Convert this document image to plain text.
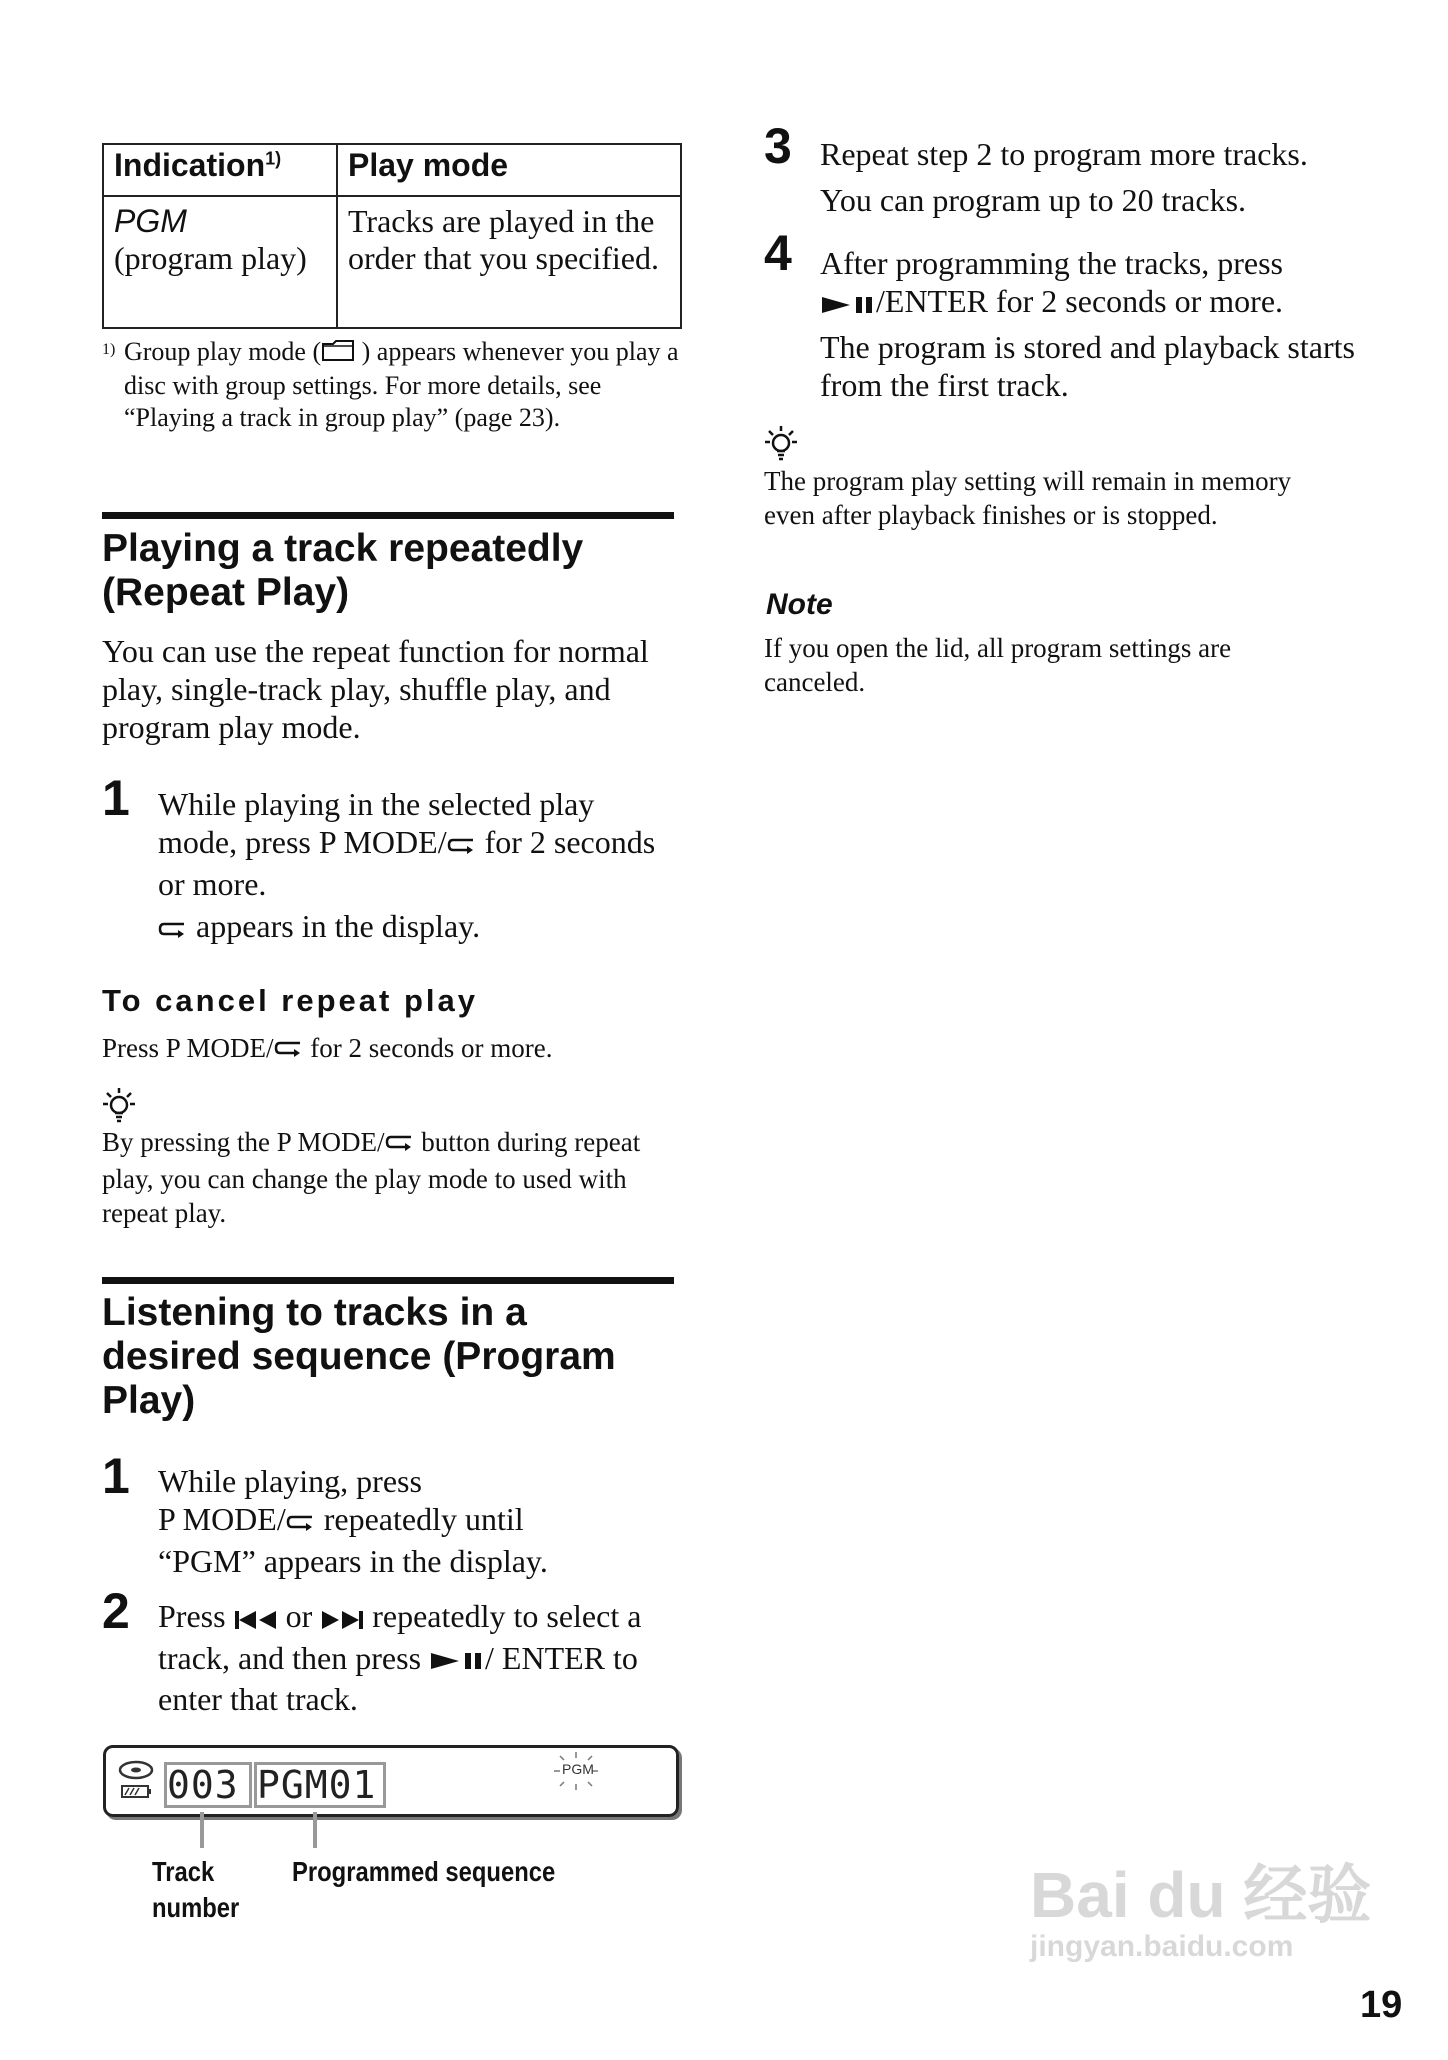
Indication$^{1)}$	Play mode

PGM
(program play)	Tracks are played in the order that you specified.
1) Group play mode ( ) appears whenever you play a disc with group settings. For more details, see “Playing a track in group play” (page 23).
Playing a track repeatedly
(Repeat Play)

You can use the repeat function for normal play, single-track play, shuffle play, and program play mode.

1 While playing in the selected play mode, press P MODE/ for 2 seconds or more.

appears in the display.

To cancel repeat play

Press P MODE/ for 2 seconds or more.

By pressing the P MODE/ button during repeat play, you can change the play mode to used with repeat play.

Listening to tracks in a
desired sequence (Program
Play)
1 While playing, press
P MODE/ repeatedly until
“PGM” appears in the display.

2 Press  or  repeatedly to select a track, and then press / ENTER to enter that track.

003 PGM01	PGM
Track number
Programmed sequence
3 Repeat step 2 to program more tracks.

You can program up to 20 tracks.

4 After programming the tracks, press
/ENTER for 2 seconds or more.

The program is stored and playback starts from the first track.

The program play setting will remain in memory even after playback finishes or is stopped.

Note

If you open the lid, all program settings are canceled.

Bai du 经验
jingyan.baidu.com
19
